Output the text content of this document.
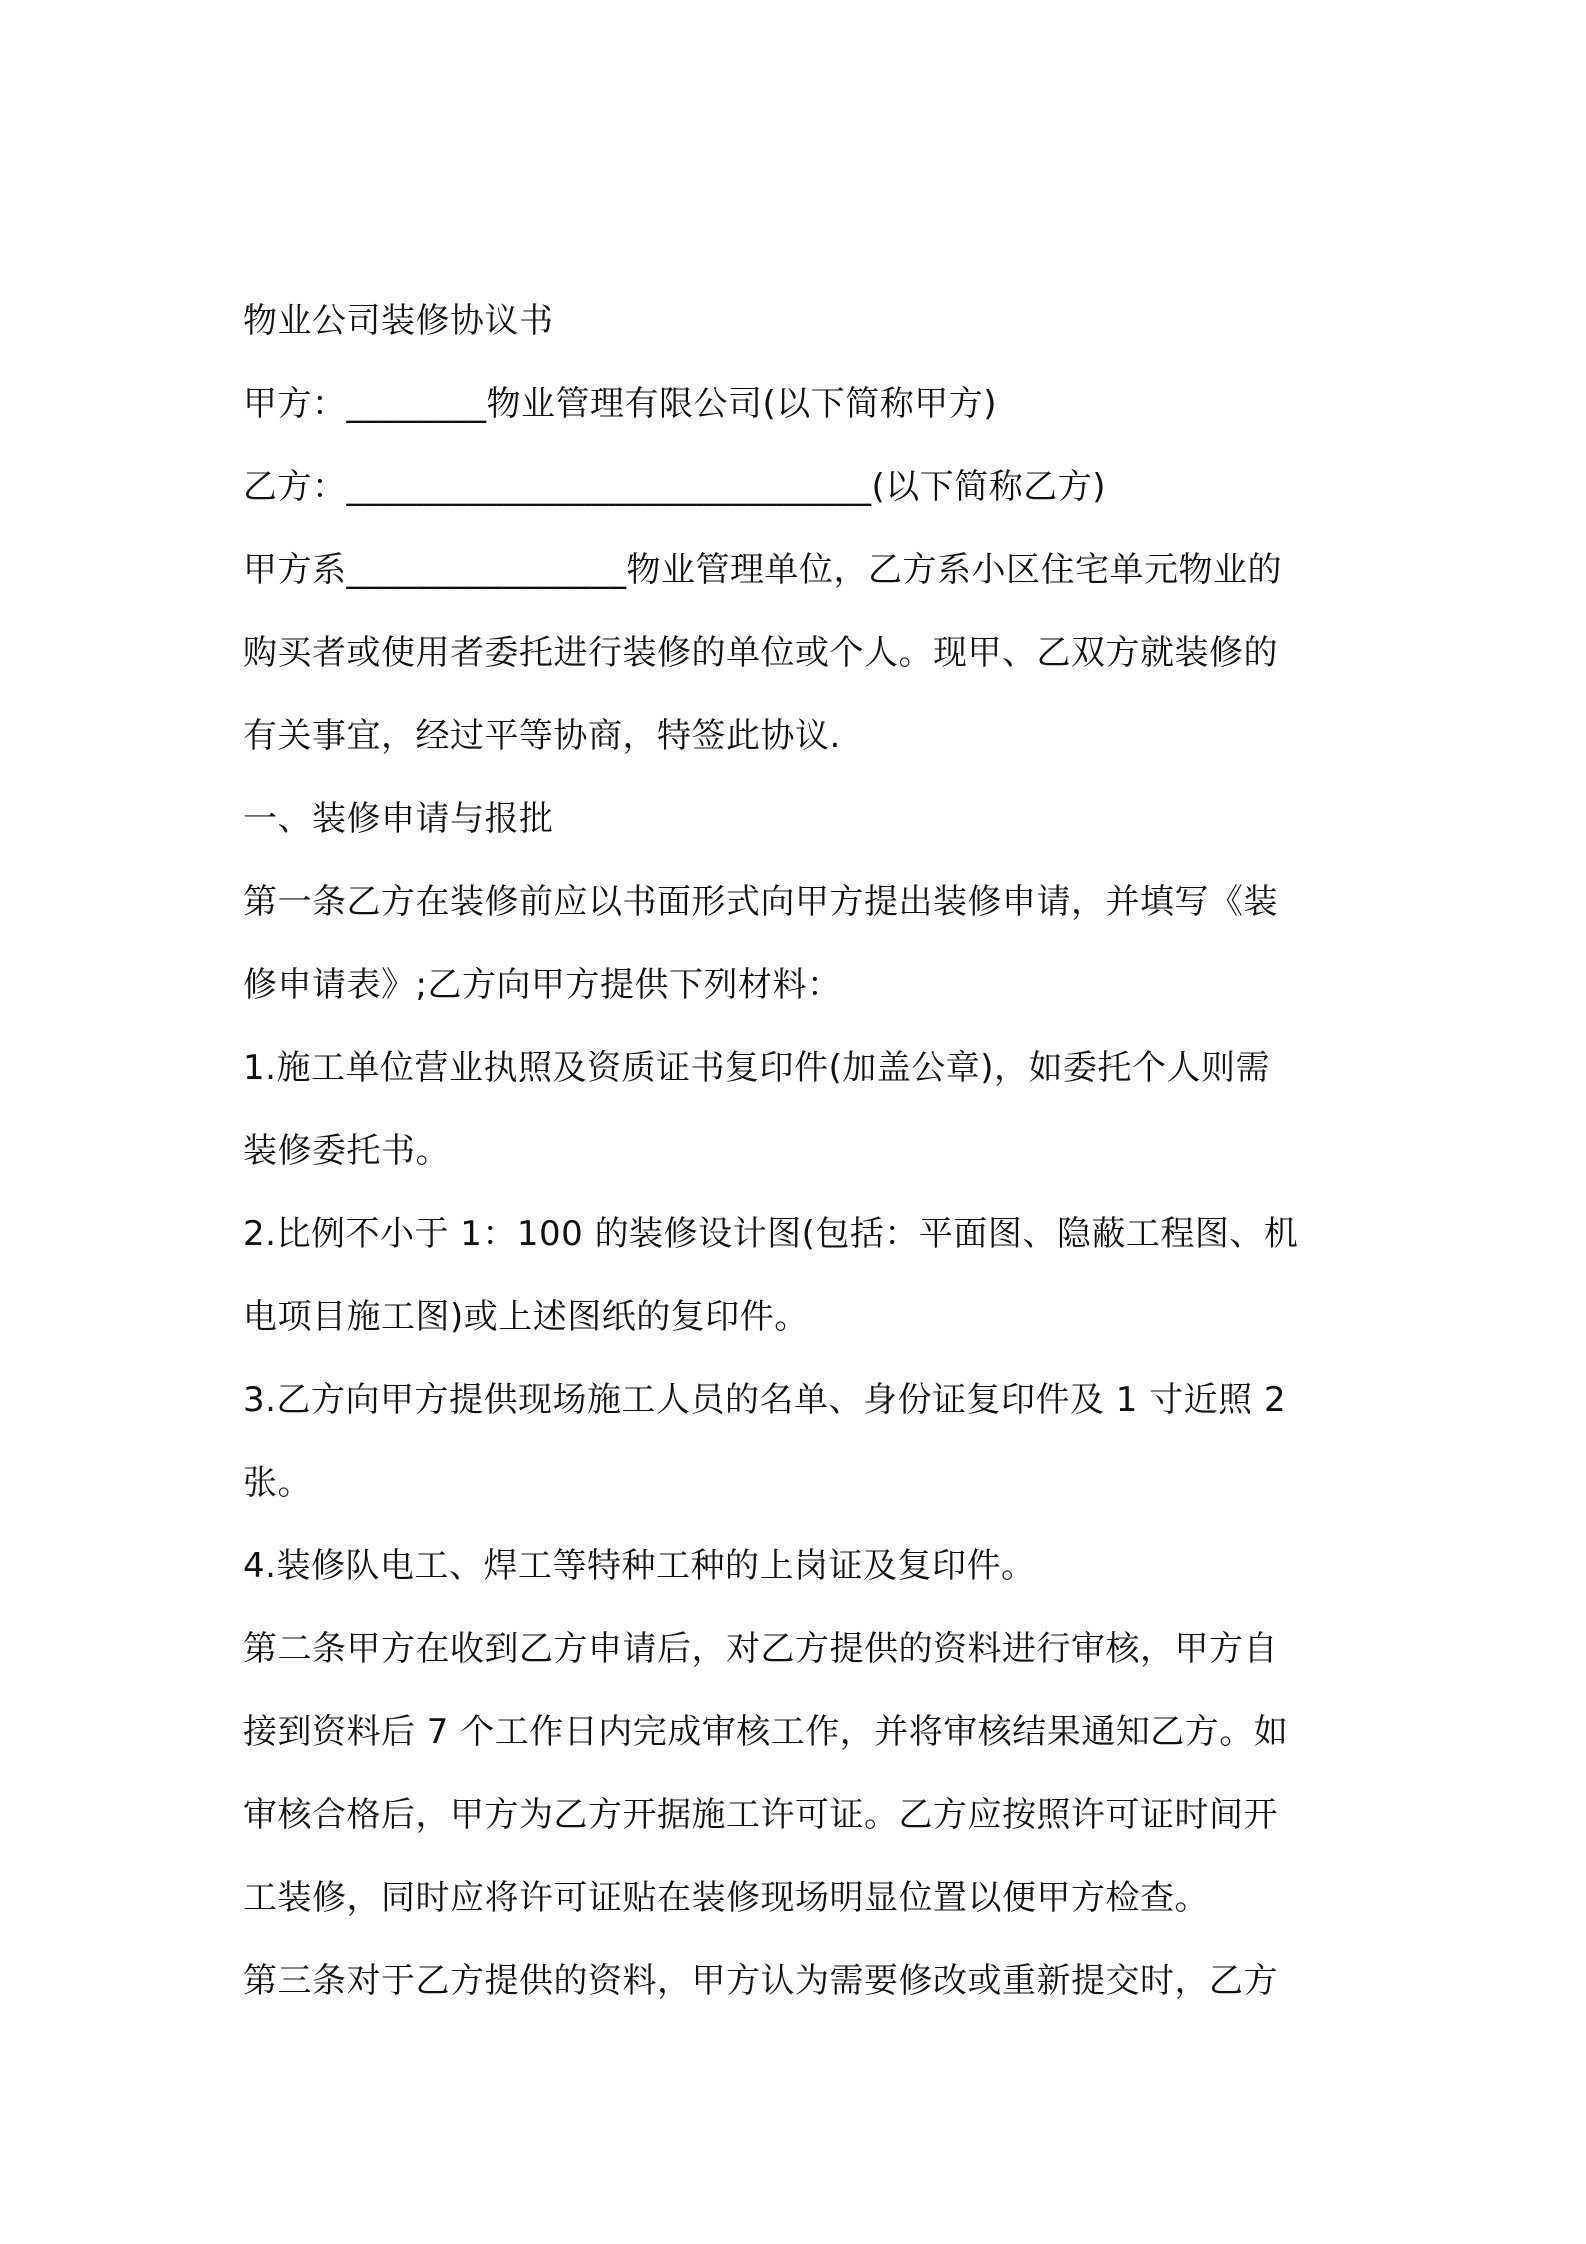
物业公司装修协议书
甲方：________物业管理有限公司(以下简称甲方)
乙方：______________________________(以下简称乙方)
甲方系________________物业管理单位，乙方系小区住宅单元物业的
购买者或使用者委托进行装修的单位或个人。现甲、乙双方就装修的
有关事宜，经过平等协商，特签此协议.
一、装修申请与报批
第一条乙方在装修前应以书面形式向甲方提出装修申请，并填写《装
修申请表》;乙方向甲方提供下列材料：
1.施工单位营业执照及资质证书复印件(加盖公章)，如委托个人则需
装修委托书。
2.比例不小于 1：100 的装修设计图(包括：平面图、隐蔽工程图、机
电项目施工图)或上述图纸的复印件。
3.乙方向甲方提供现场施工人员的名单、身份证复印件及 1 寸近照 2
张。
4.装修队电工、焊工等特种工种的上岗证及复印件。
第二条甲方在收到乙方申请后，对乙方提供的资料进行审核，甲方自
接到资料后 7 个工作日内完成审核工作，并将审核结果通知乙方。如
审核合格后，甲方为乙方开据施工许可证。乙方应按照许可证时间开
工装修，同时应将许可证贴在装修现场明显位置以便甲方检查。
第三条对于乙方提供的资料，甲方认为需要修改或重新提交时，乙方
